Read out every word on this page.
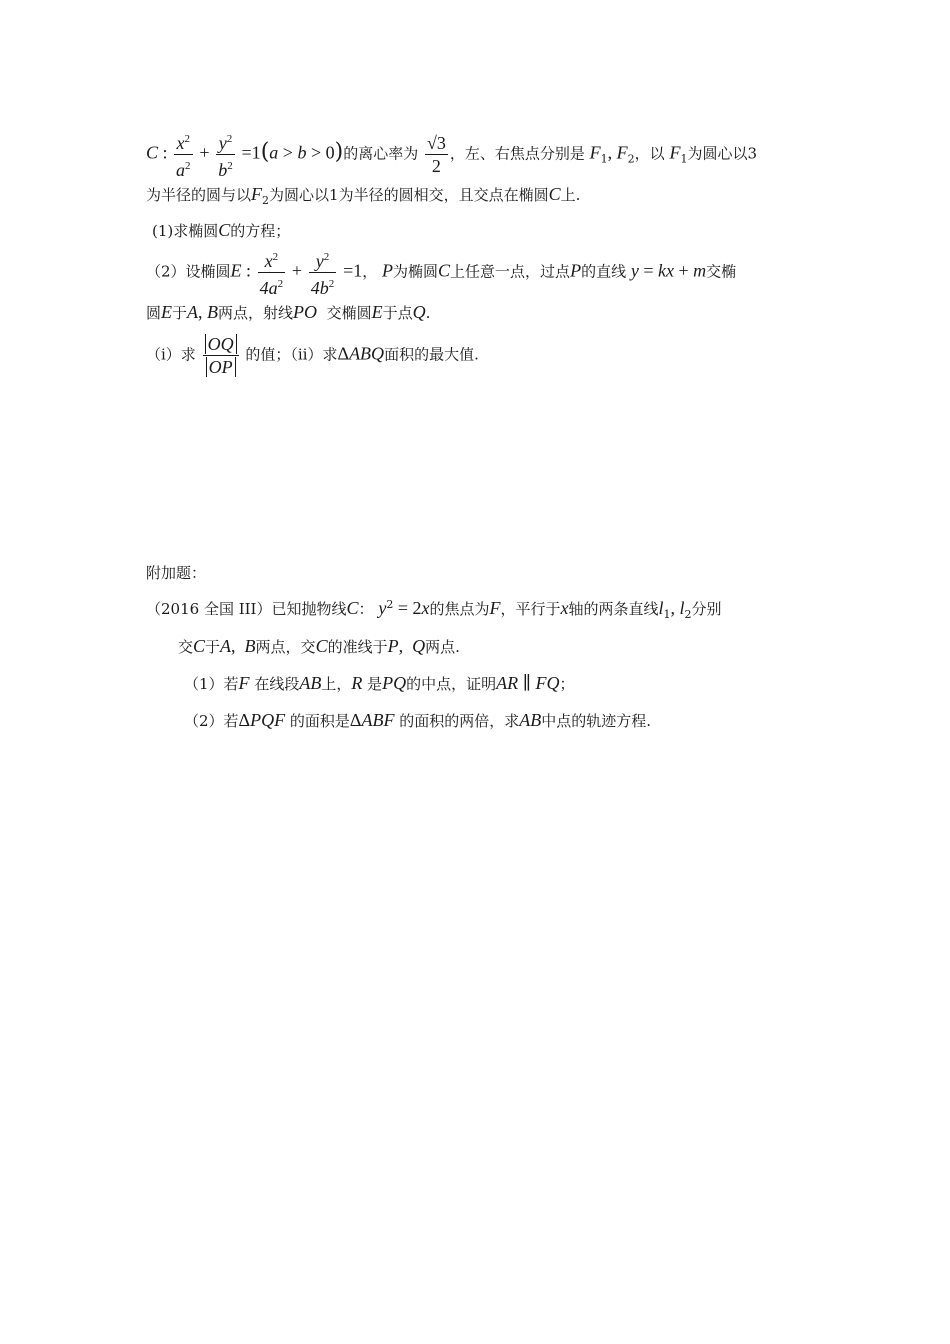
C : $\frac{x^2}{a^2} + \frac{y^2}{b^2} =1(a > b > 0)$的离心率为 $\frac{√3}{2}$ ，左、右焦点分别是 $F_1$, $F_2$，以 $F_1$为圆心以3
为半径的圆与以$F_2$为圆心以1为半径的圆相交，且交点在椭圆C上.
(1)求椭圆C的方程；
（2）设椭圆E : $\frac{x^2}{4a^2} + \frac{y^2}{4b^2} =1$， P为椭圆C上任意一点，过点P的直线 y = kx + m交椭
圆E于A, B两点，射线PO 交椭圆E于点Q.
（ⅰ）求 $\frac{OQ}{OP}$ 的值；（ⅱ）求ΔABQ面积的最大值.
附加题：
（2016 全国 III）已知抛物线C： $y^2 = 2x$的焦点为F，平行于x轴的两条直线$l_1$, $l_2$分别
交C于A,  B两点，交C的准线于P,  Q两点.
（1）若F 在线段AB上，R 是PQ的中点，证明AR ∥ FQ；
（2）若ΔPQF 的面积是ΔABF 的面积的两倍，求AB中点的轨迹方程.
